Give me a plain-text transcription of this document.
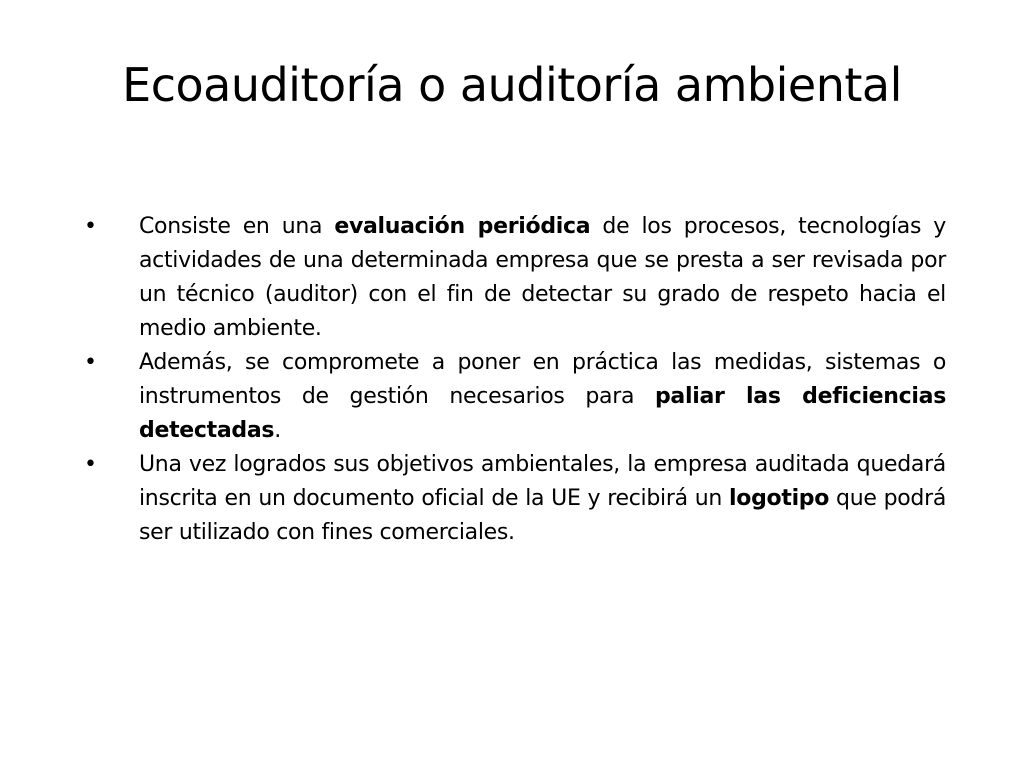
Ecoauditoría o auditoría ambiental
•	Consiste en una evaluación periódica de los procesos, tecnologías y actividades de una determinada empresa que se presta a ser revisada por un técnico (auditor) con el fin de detectar su grado de respeto hacia el medio ambiente.
•	Además, se compromete a poner en práctica las medidas, sistemas o instrumentos de gestión necesarios para paliar las deficiencias detectadas.
•	Una vez logrados sus objetivos ambientales, la empresa auditada quedará inscrita en un documento oficial de la UE y recibirá un logotipo que podrá ser utilizado con fines comerciales.
